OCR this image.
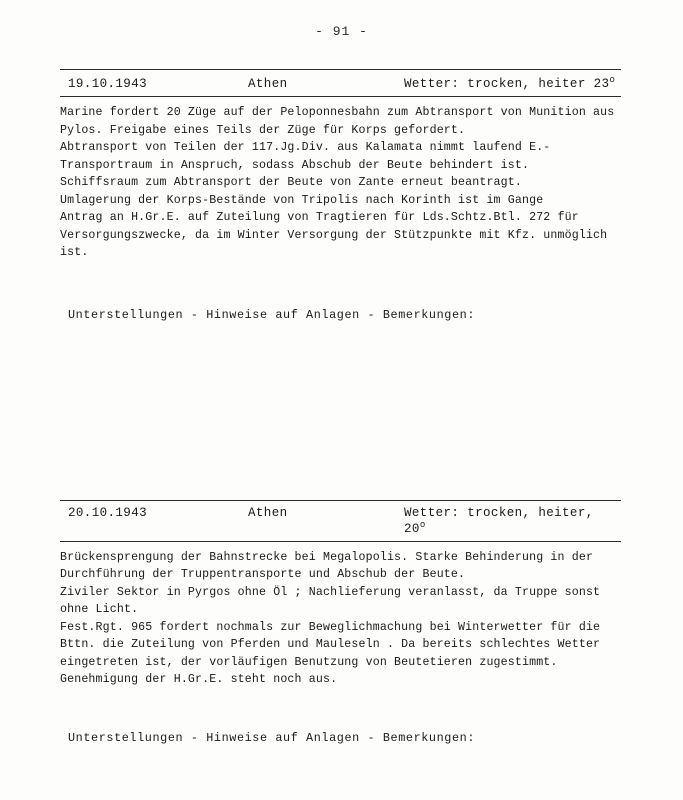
- 91 -
19.10.1943	Athen	Wetter: trocken, heiter 23$^o$

Marine fordert 20 Züge auf der Peloponnesbahn zum Abtransport von Munition aus Pylos. Freigabe eines Teils der Züge für Korps gefordert.

Abtransport von Teilen der 117.Jg.Div. aus Kalamata nimmt laufend E.-Transportraum in Anspruch, sodass Abschub der Beute behindert ist.

Schiffsraum zum Abtransport der Beute von Zante erneut beantragt.

Umlagerung der Korps-Bestände von Tripolis nach Korinth ist im Gange

Antrag an H.Gr.E. auf Zuteilung von Tragtieren für Lds.Schtz.Btl. 272 für Versorgungszwecke, da im Winter Versorgung der Stützpunkte mit Kfz. unmöglich ist.

Unterstellungen - Hinweise auf Anlagen - Bemerkungen:
20.10.1943	Athen	Wetter: trocken, heiter, 20$^o$

Brückensprengung der Bahnstrecke bei Megalopolis. Starke Behinderung in der Durchführung der Truppentransporte und Abschub der Beute.

Ziviler Sektor in Pyrgos ohne Öl ; Nachlieferung veranlasst, da Truppe sonst ohne Licht.

Fest.Rgt. 965 fordert nochmals zur Beweglichmachung bei Winterwetter für die Bttn. die Zuteilung von Pferden und Mauleseln . Da bereits schlechtes Wetter eingetreten ist, der vorläufigen Benutzung von Beutetieren zugestimmt. Genehmigung der H.Gr.E. steht noch aus.

Unterstellungen - Hinweise auf Anlagen - Bemerkungen:
